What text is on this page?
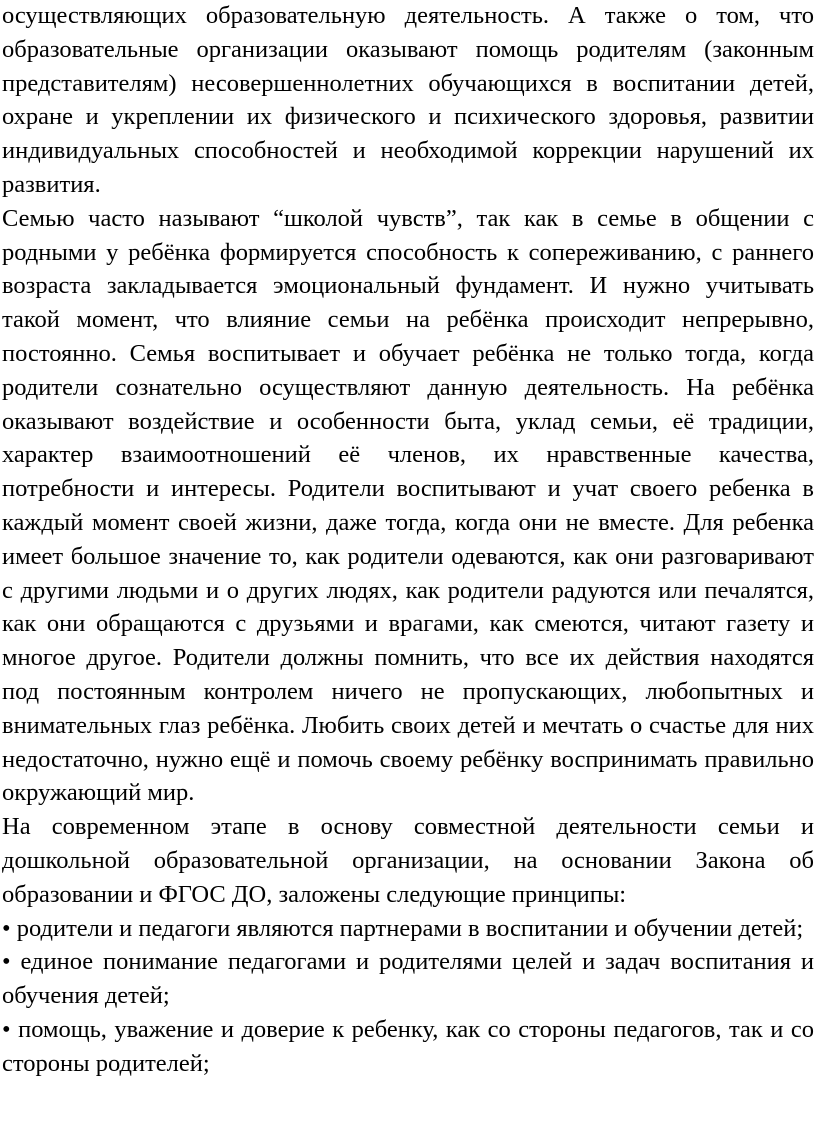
осуществляющих образовательную деятельность. А также о том, что образовательные организации оказывают помощь родителям (законным представителям) несовершеннолетних обучающихся в воспитании детей, охране и укреплении их физического и психического здоровья, развитии индивидуальных способностей и необходимой коррекции нарушений их развития.

Семью часто называют “школой чувств”, так как в семье в общении с родными у ребёнка формируется способность к сопереживанию, с раннего возраста закладывается эмоциональный фундамент. И нужно учитывать такой момент, что влияние семьи на ребёнка происходит непрерывно, постоянно. Семья воспитывает и обучает ребёнка не только тогда, когда родители сознательно осуществляют данную деятельность. На ребёнка оказывают воздействие и особенности быта, уклад семьи, её традиции, характер взаимоотношений её членов, их нравственные качества, потребности и интересы. Родители воспитывают и учат своего ребенка в каждый момент своей жизни, даже тогда, когда они не вместе. Для ребенка имеет большое значение то, как родители одеваются, как они разговаривают с другими людьми и о других людях, как родители радуются или печалятся, как они обращаются с друзьями и врагами, как смеются, читают газету и многое другое. Родители должны помнить, что все их действия находятся под постоянным контролем ничего не пропускающих, любопытных и внимательных глаз ребёнка. Любить своих детей и мечтать о счастье для них недостаточно, нужно ещё и помочь своему ребёнку воспринимать правильно окружающий мир.

На современном этапе в основу совместной деятельности семьи и дошкольной образовательной организации, на основании Закона об образовании и ФГОС ДО, заложены следующие принципы:

• родители и педагоги являются партнерами в воспитании и обучении детей;

• единое понимание педагогами и родителями целей и задач воспитания и обучения детей;

• помощь, уважение и доверие к ребенку, как со стороны педагогов, так и со стороны родителей;
